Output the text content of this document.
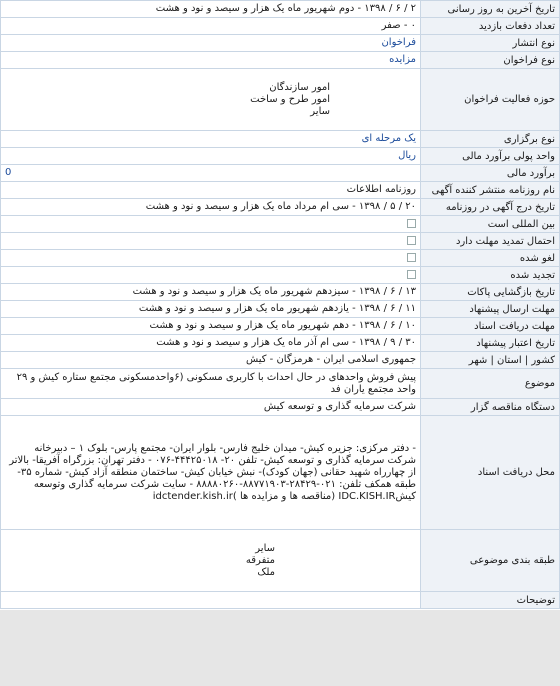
تاریخ آخرین به روز رسانی	۲ / ۶ / ۱۳۹۸ - دوم شهریور ماه یک هزار و سیصد و نود و هشت
تعداد دفعات بازدید	۰ - صفر
نوع انتشار	فراخوان
نوع فراخوان	مزایده
حوزه فعالیت فراخوان	امور سازندگان
امور طرح و ساخت
سایر

نوع برگزاری	یک مرحله ای
واحد پولی برآورد مالی	ریال
برآورد مالی	0
نام روزنامه منتشر کننده آگهی	روزنامه اطلاعات
تاریخ درج آگهی در روزنامه	۲۰ / ۵ / ۱۳۹۸ - سی ام مرداد ماه یک هزار و سیصد و نود و هشت
بین المللی است	
احتمال تمدید مهلت دارد	
لغو شده	
تجدید شده	
تاریخ بازگشایی پاکات	۱۳ / ۶ / ۱۳۹۸ - سیزدهم شهریور ماه یک هزار و سیصد و نود و هشت
مهلت ارسال پیشنهاد	۱۱ / ۶ / ۱۳۹۸ - یازدهم شهریور ماه یک هزار و سیصد و نود و هشت
مهلت دریافت اسناد	۱۰ / ۶ / ۱۳۹۸ - دهم شهریور ماه یک هزار و سیصد و نود و هشت
تاریخ اعتبار پیشنهاد	۳۰ / ۹ / ۱۳۹۸ - سی ام آذر ماه یک هزار و سیصد و نود و هشت
کشور | استان | شهر	جمهوری اسلامی ایران - هرمزگان - کیش
موضوع	پیش فروش واحدهای در حال احداث با کاربری مسکونی (۶واحدمسکونی مجتمع ستاره کیش و ۲۹ واحد مجتمع یاران فد
دستگاه مناقصه گزار	شرکت سرمایه گذاری و توسعه کیش
محل دریافت اسناد	- دفتر مرکزی: جزیره کیش- میدان خلیج فارس- بلوار ایران- مجتمع پارس- بلوک ۱ – دبیرخانه شرکت سرمایه گذاری و توسعه کیش- تلفن ۲۰- ۴۴۴۲۵۰۱۸-۰۷۶ - دفتر تهران: بزرگراه آفریقا- بالاتر از چهارراه شهید حقانی (جهان کودک)- نبش خیابان کیش- ساختمان منطقه آزاد کیش- شماره ۳۵- طبقه همکف تلفن: ۰۲۱-۲۸۴۲۹-۸۸۷۷۱۹۰۳-۸۸۸۸۰۲۶۰ - سایت شرکت سرمایه گذاری وتوسعه کیشIDC.KISH.IR (مناقصه ها و مزایده ها )idctender.kish.ir
طبقه بندی موضوعی	سایر
متفرقه
ملک

توضیحات	
